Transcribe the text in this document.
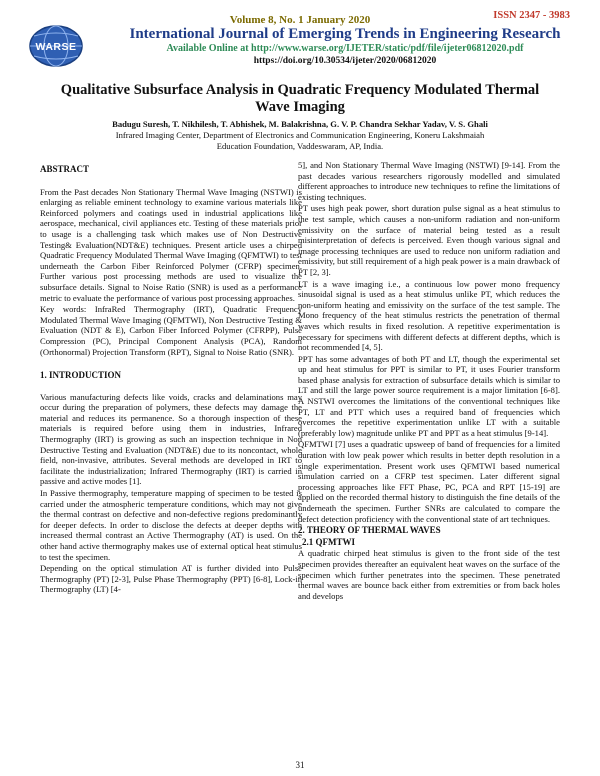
ISSN 2347 - 3983
Volume 8, No. 1 January 2020
WARSE
International Journal of Emerging Trends in Engineering Research
Available Online at http://www.warse.org/IJETER/static/pdf/file/ijeter06812020.pdf
https://doi.org/10.30534/ijeter/2020/06812020
Qualitative Subsurface Analysis in Quadratic Frequency Modulated Thermal Wave Imaging
Badugu Suresh, T. Nikhilesh, T. Abhishek, M. Balakrishna, G. V. P. Chandra Sekhar Yadav, V. S. Ghali
Infrared Imaging Center, Department of Electronics and Communication Engineering, Koneru Lakshmaiah
Education Foundation, Vaddeswaram, AP, India.

ABSTRACT

From the Past decades Non Stationary Thermal Wave Imaging (NSTWI) is enlarging as reliable eminent technology to examine various materials like Reinforced polymers and coatings used in industrial applications like aerospace, mechanical, civil appliances etc. Testing of these materials prior to usage is a challenging task which makes use of Non Destructive Testing& Evaluation(NDT&E) techniques. Present article uses a chirped Quadratic Frequency Modulated Thermal Wave Imaging (QFMTWI) to test underneath the Carbon Fiber Reinforced Polymer (CFRP) specimen. Further various post processing methods are used to visualize the subsurface details. Signal to Noise Ratio (SNR) is used as a performance metric to evaluate the performance of various post processing approaches.

Key words: InfraRed Thermography (IRT), Quadratic Frequency Modulated Thermal Wave Imaging (QFMTWI), Non Destructive Testing & Evaluation (NDT & E), Carbon Fiber Inforced Polymer (CFRPP), Pulse Compression (PC), Principal Component Analysis (PCA), Random (Orthonormal) Projection Transform (RPT), Signal to Noise Ratio (SNR).

1. INTRODUCTION

Various manufacturing defects like voids, cracks and delaminations may occur during the preparation of polymers, these defects may damage the material and reduces its permanence. So a thorough inspection of these materials is required before using them in industries, Infrared Thermography (IRT) is growing as such an inspection technique in Non Destructive Testing and Evaluation (NDT&E) due to its noncontact, whole field, non-invasive, attributes. Several methods are developed in IRT to facilitate the industrialization; Infrared Thermography (IRT) is carried in passive and active modes [1].

In Passive thermography, temperature mapping of specimen to be tested is carried under the atmospheric temperature conditions, which may not give the thermal contrast on defective and non-defective regions predominantly for deeper defects. In order to disclose the defects at deeper depths with increased thermal contrast an Active Thermography (AT) is used. On the other hand active thermography makes use of external optical heat stimulus to test the specimen.

Depending on the optical stimulation AT is further divided into Pulse Thermography (PT) [2-3], Pulse Phase Thermography (PPT) [6-8], Lock-in Thermography (LT) [4-

5], and Non Stationary Thermal Wave Imaging (NSTWI) [9-14]. From the past decades various researchers rigorously modelled and simulated different approaches to introduce new techniques to refine the limitations of existing techniques.

PT uses high peak power, short duration pulse signal as a heat stimulus to the test sample, which causes a non-uniform radiation and non-uniform emissivity on the surface of material being tested as a result misinterpretation of defects is perceived. Even though various signal and image processing techniques are used to reduce non uniform radiation and emissivity, but still requirement of a high peak power is a main drawback of PT [2, 3].

LT is a wave imaging i.e., a continuous low power mono frequency sinusoidal signal is used as a heat stimulus unlike PT, which reduces the non-uniform heating and emissivity on the surface of the test sample. The Mono frequency of the heat stimulus restricts the penetration of thermal waves which results in fixed resolution. A repetitive experimentation is necessary for specimens with different defects at different depths, which is not recommended [4, 5].

PPT has some advantages of both PT and LT, though the experimental set up and heat stimulus for PPT is similar to PT, it uses Fourier transform based phase analysis for extraction of subsurface details which is similar to LT and still the large power source requirement is a major limitation [6-8]. A NSTWI overcomes the limitations of the conventional techniques like PT, LT and PTT which uses a required band of frequencies which overcomes the repetitive experimentation unlike LT with a suitable (preferably low) magnitude unlike PT and PPT as a heat stimulus [9-14].

QFMTWI [7] uses a quadratic upsweep of band of frequencies for a limited duration with low peak power which results in better depth resolution in a single experimentation. Present work uses QFMTWI based numerical simulation carried on a CFRP test specimen. Later different signal processing approaches like FFT Phase, PC, PCA and RPT [15-19] are applied on the recorded thermal history to distinguish the fine details of the underneath the specimen. Further SNRs are calculated to compare the defect detection proficiency with the conventional state of art techniques.

2. THEORY OF THERMAL WAVES

2.1 QFMTWI

A quadratic chirped heat stimulus is given to the front side of the test specimen provides thereafter an equivalent heat waves on the surface of the specimen which further penetrates into the specimen. These penetrated thermal waves are bounce back either from extremities or from back holes and develops

31
